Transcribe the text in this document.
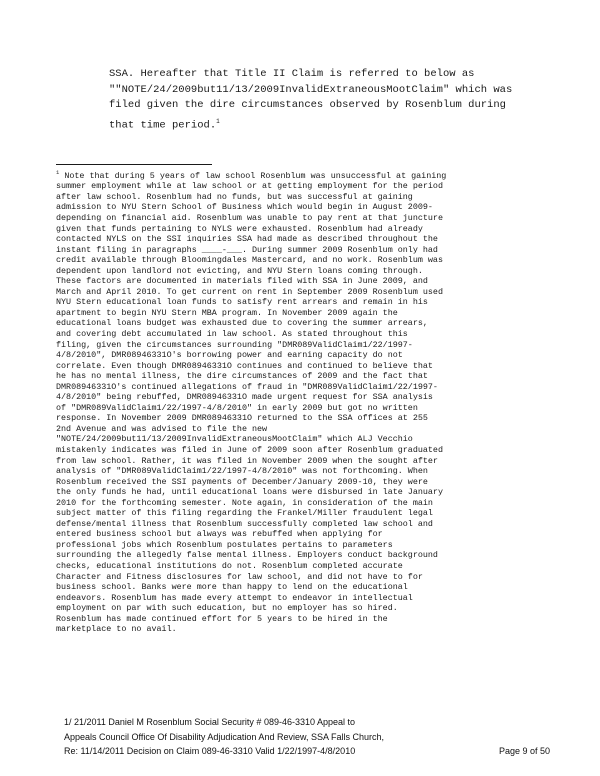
SSA. Hereafter that Title II Claim is referred to below as
""NOTE/24/2009but11/13/2009InvalidExtraneousMootClaim" which was
filed given the dire circumstances observed by Rosenblum during
that time period.$^1$
$^1$ Note that during 5 years of law school Rosenblum was unsuccessful at gaining
summer employment while at law school or at getting employment for the period
after law school. Rosenblum had no funds, but was successful at gaining
admission to NYU Stern School of Business which would begin in August 2009-
depending on financial aid. Rosenblum was unable to pay rent at that juncture
given that funds pertaining to NYLS were exhausted. Rosenblum had already
contacted NYLS on the SSI inquiries SSA had made as described throughout the
instant filing in paragraphs ____-___. During summer 2009 Rosenblum only had
credit available through Bloomingdales Mastercard, and no work. Rosenblum was
dependent upon landlord not evicting, and NYU Stern loans coming through.
These factors are documented in materials filed with SSA in June 2009, and
March and April 2010. To get current on rent in September 2009 Rosenblum used
NYU Stern educational loan funds to satisfy rent arrears and remain in his
apartment to begin NYU Stern MBA program. In November 2009 again the
educational loans budget was exhausted due to covering the summer arrears,
and covering debt accumulated in law school. As stated throughout this
filing, given the circumstances surrounding "DMR089ValidClaim1/22/1997-
4/8/2010", DMR08946331O's borrowing power and earning capacity do not
correlate. Even though DMR08946331O continues and continued to believe that
he has no mental illness, the dire circumstances of 2009 and the fact that
DMR08946331O's continued allegations of fraud in "DMR089ValidClaim1/22/1997-
4/8/2010" being rebuffed, DMR08946331O made urgent request for SSA analysis
of "DMR089ValidClaim1/22/1997-4/8/2010" in early 2009 but got no written
response. In November 2009 DMR08946331O returned to the SSA offices at 255
2nd Avenue and was advised to file the new
"NOTE/24/2009but11/13/2009InvalidExtraneousMootClaim" which ALJ Vecchio
mistakenly indicates was filed in June of 2009 soon after Rosenblum graduated
from law school. Rather, it was filed in November 2009 when the sought after
analysis of "DMR089ValidClaim1/22/1997-4/8/2010" was not forthcoming. When
Rosenblum received the SSI payments of December/January 2009-10, they were
the only funds he had, until educational loans were disbursed in late January
2010 for the forthcoming semester. Note again, in consideration of the main
subject matter of this filing regarding the Frankel/Miller fraudulent legal
defense/mental illness that Rosenblum successfully completed law school and
entered business school but always was rebuffed when applying for
professional jobs which Rosenblum postulates pertains to parameters
surrounding the allegedly false mental illness. Employers conduct background
checks, educational institutions do not. Rosenblum completed accurate
Character and Fitness disclosures for law school, and did not have to for
business school. Banks were more than happy to lend on the educational
endeavors. Rosenblum has made every attempt to endeavor in intellectual
employment on par with such education, but no employer has so hired.
Rosenblum has made continued effort for 5 years to be hired in the
marketplace to no avail.
1/ 21/2011 Daniel M Rosenblum Social Security # 089-46-3310 Appeal to
Appeals Council Office Of Disability Adjudication And Review, SSA Falls Church,
Re: 11/14/2011 Decision on Claim 089-46-3310 Valid 1/22/1997-4/8/2010	Page 9 of 50
